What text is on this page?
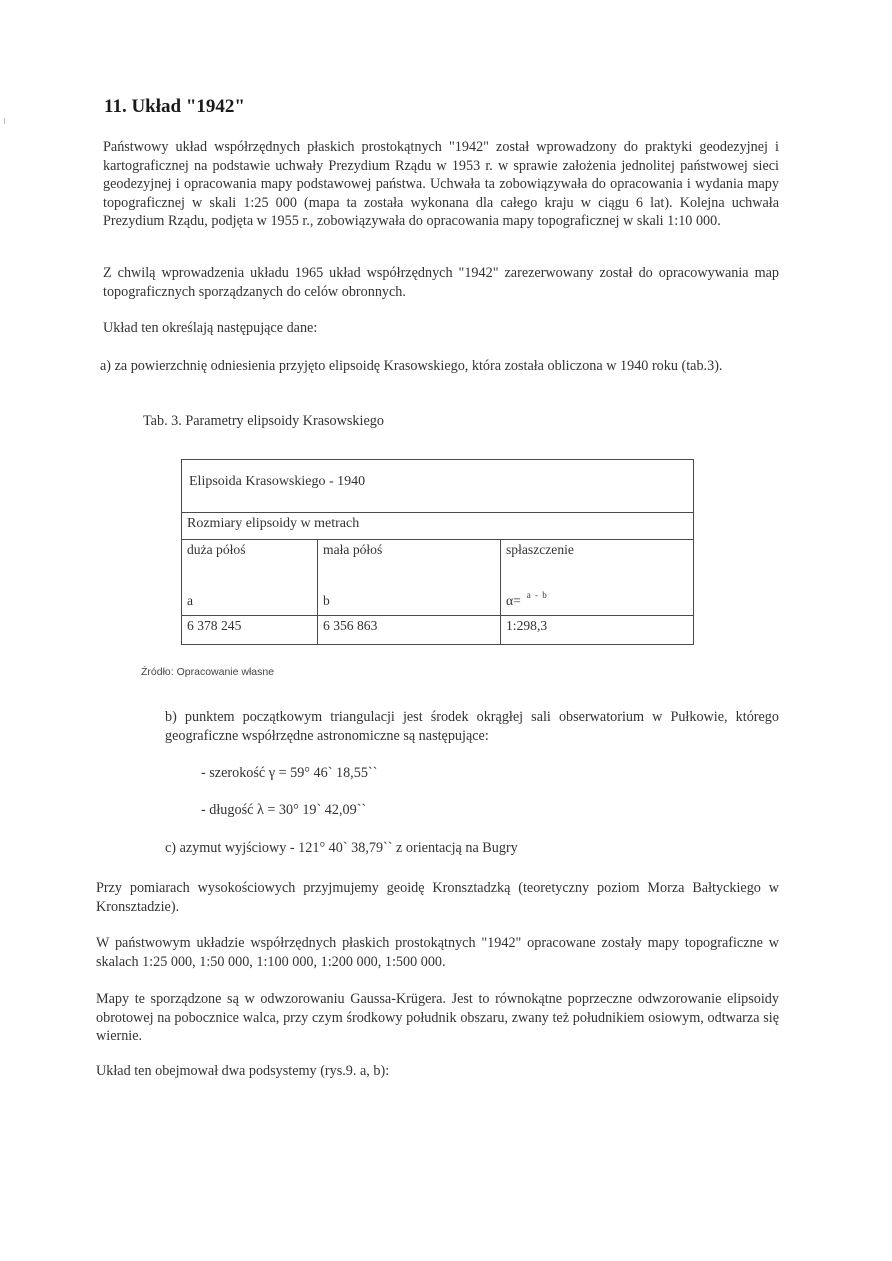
11. Układ "1942"
Państwowy układ współrzędnych płaskich prostokątnych "1942" został wprowadzony do praktyki geodezyjnej i kartograficznej na podstawie uchwały Prezydium Rządu w 1953 r. w sprawie założenia jednolitej państwowej sieci geodezyjnej i opracowania mapy podstawowej państwa. Uchwała ta zobowiązywała do opracowania i wydania mapy topograficznej w skali 1:25 000 (mapa ta została wykonana dla całego kraju w ciągu 6 lat). Kolejna uchwała Prezydium Rządu, podjęta w 1955 r., zobowiązywała do opracowania mapy topograficznej w skali 1:10 000.
Z chwilą wprowadzenia układu 1965 układ współrzędnych "1942" zarezerwowany został do opracowywania map topograficznych sporządzanych do celów obronnych.
Układ ten określają następujące dane:
a) za powierzchnię odniesienia przyjęto elipsoidę Krasowskiego, która została obliczona w 1940 roku (tab.3).
Tab. 3. Parametry elipsoidy Krasowskiego
Elipsoida Krasowskiego - 1940
Rozmiary elipsoidy w metrach
duża półoś
a
mała półoś
b
spłaszczenie
α= $^{a - b}$
6 378 245	6 356 863	1:298,3
Źródło: Opracowanie własne
b) punktem początkowym triangulacji jest środek okrągłej sali obserwatorium w Pułkowie, którego geograficzne współrzędne astronomiczne są następujące:
- szerokość γ = 59° 46` 18,55``
- długość λ = 30° 19` 42,09``
c) azymut wyjściowy - 121° 40` 38,79`` z orientacją na Bugry
Przy pomiarach wysokościowych przyjmujemy geoidę Kronsztadzką (teoretyczny poziom Morza Bałtyckiego w Kronsztadzie).
W państwowym układzie współrzędnych płaskich prostokątnych "1942" opracowane zostały mapy topograficzne w skalach 1:25 000, 1:50 000, 1:100 000, 1:200 000, 1:500 000.
Mapy te sporządzone są w odwzorowaniu Gaussa-Krügera. Jest to równokątne poprzeczne odwzorowanie elipsoidy obrotowej na pobocznice walca, przy czym środkowy południk obszaru, zwany też południkiem osiowym, odtwarza się wiernie.
Układ ten obejmował dwa podsystemy (rys.9. a, b):
